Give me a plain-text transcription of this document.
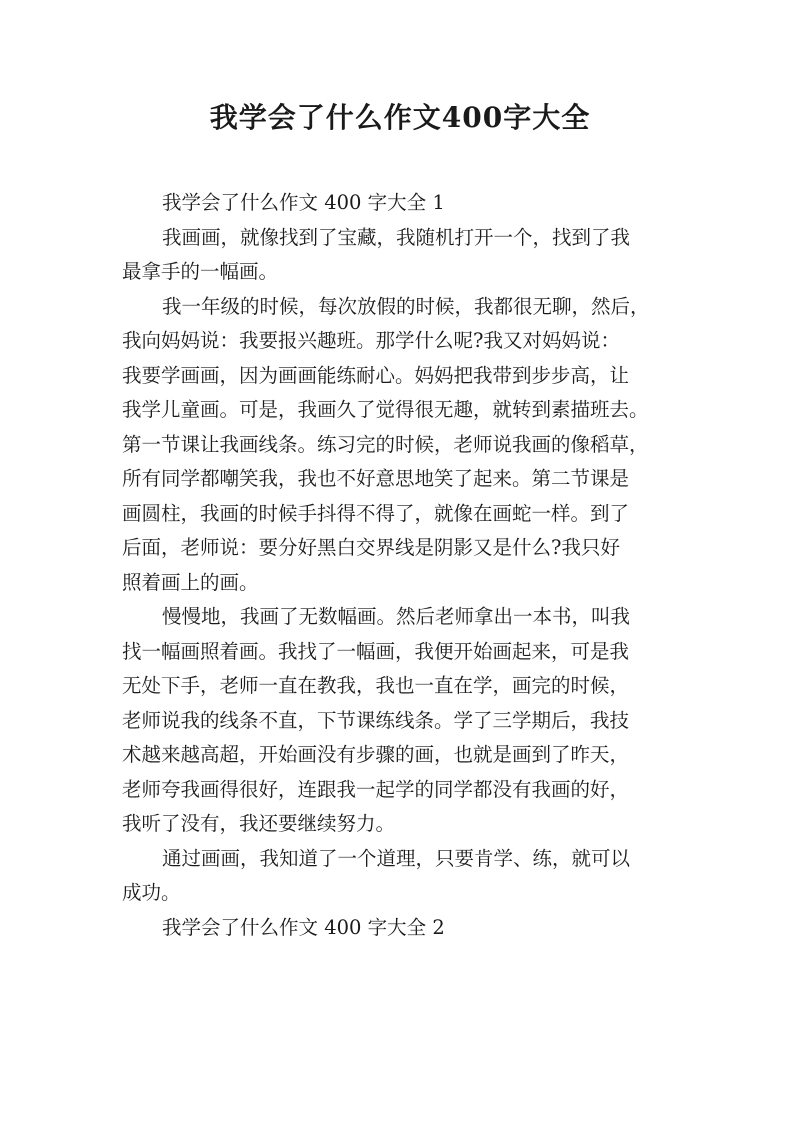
我学会了什么作文400字大全

我学会了什么作文 400 字大全 1

我画画，就像找到了宝藏，我随机打开一个，找到了我
最拿手的一幅画。

我一年级的时候，每次放假的时候，我都很无聊，然后，
我向妈妈说：我要报兴趣班。那学什么呢?我又对妈妈说：
我要学画画，因为画画能练耐心。妈妈把我带到步步高，让
我学儿童画。可是，我画久了觉得很无趣，就转到素描班去。
第一节课让我画线条。练习完的时候，老师说我画的像稻草，
所有同学都嘲笑我，我也不好意思地笑了起来。第二节课是
画圆柱，我画的时候手抖得不得了，就像在画蛇一样。到了
后面，老师说：要分好黑白交界线是阴影又是什么?我只好
照着画上的画。

慢慢地，我画了无数幅画。然后老师拿出一本书，叫我
找一幅画照着画。我找了一幅画，我便开始画起来，可是我
无处下手，老师一直在教我，我也一直在学，画完的时候，
老师说我的线条不直，下节课练线条。学了三学期后，我技
术越来越高超，开始画没有步骤的画，也就是画到了昨天，
老师夸我画得很好，连跟我一起学的同学都没有我画的好，
我听了没有，我还要继续努力。

通过画画，我知道了一个道理，只要肯学、练，就可以
成功。

我学会了什么作文 400 字大全 2
